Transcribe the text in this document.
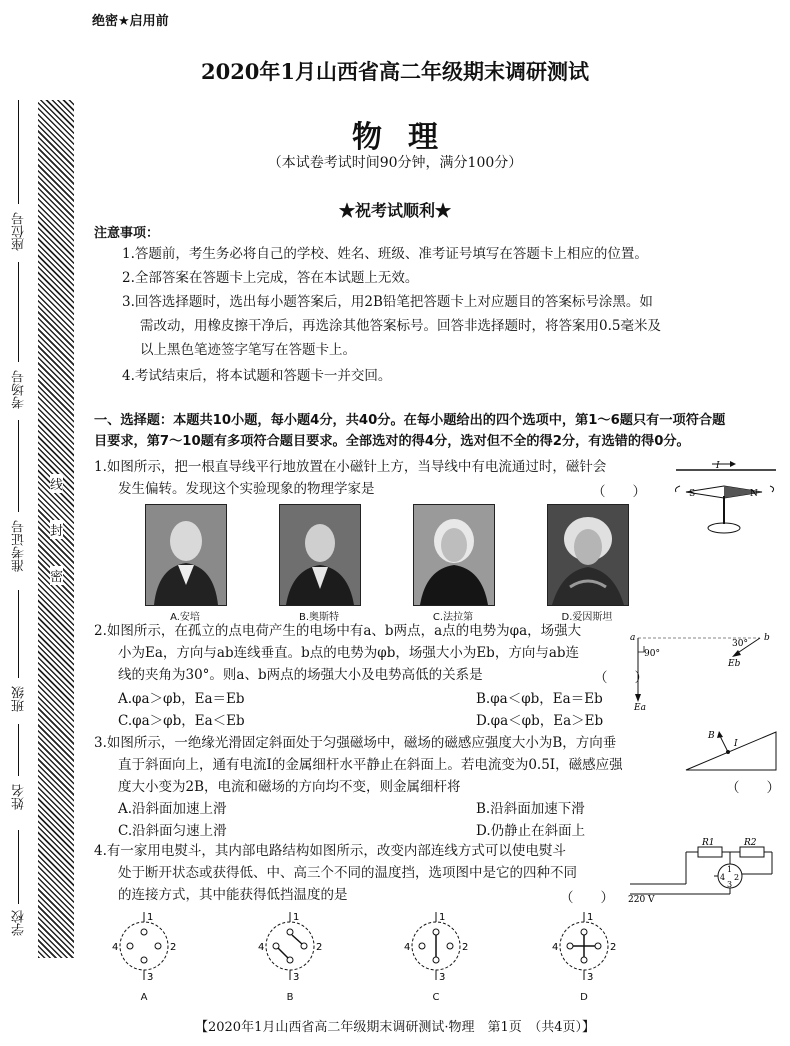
座位号
考场号
准考证号
班级
姓名
学校
线
封
密
绝密★启用前
2020年1月山西省高二年级期末调研测试
物理
（本试卷考试时间90分钟，满分100分）
★祝考试顺利★
注意事项：
1.答题前，考生务必将自己的学校、姓名、班级、准考证号填写在答题卡上相应的位置。
2.全部答案在答题卡上完成，答在本试题上无效。
3.回答选择题时，选出每小题答案后，用2B铅笔把答题卡上对应题目的答案标号涂黑。如
需改动，用橡皮擦干净后，再选涂其他答案标号。回答非选择题时，将答案用0.5毫米及
以上黑色笔迹签字笔写在答题卡上。
4.考试结束后，将本试题和答题卡一并交回。
一、选择题：本题共10小题，每小题4分，共40分。在每小题给出的四个选项中，第1～6题只有一项符合题
目要求，第7～10题有多项符合题目要求。全部选对的得4分，选对但不全的得2分，有选错的得0分。
1.如图所示，把一根直导线平行地放置在小磁针上方，当导线中有电流通过时，磁针会
发生偏转。发现这个实验现象的物理学家是	（　　）
I
S	N
A.安培	B.奥斯特	C.法拉第	D.爱因斯坦
2.如图所示，在孤立的点电荷产生的电场中有a、b两点，a点的电势为φa，场强大
小为Ea，方向与ab连线垂直。b点的电势为φb，场强大小为Eb，方向与ab连
线的夹角为30°。则a、b两点的场强大小及电势高低的关系是	（　　）
A.φa＞φb，Ea＝Eb	B.φa＜φb，Ea＝Eb
C.φa＞φb，Ea＜Eb	D.φa＜φb，Ea＞Eb
a	b
90°
30°
Ea
Eb
3.如图所示，一绝缘光滑固定斜面处于匀强磁场中，磁场的磁感应强度大小为B，方向垂
直于斜面向上，通有电流I的金属细杆水平静止在斜面上。若电流变为0.5I，磁感应强
度大小变为2B，电流和磁场的方向均不变，则金属细杆将
A.沿斜面加速上滑	B.沿斜面加速下滑
C.沿斜面匀速上滑	D.仍静止在斜面上
B
I
（　　）
4.有一家用电熨斗，其内部电路结构如图所示，改变内部连线方式可以使电熨斗
处于断开状态或获得低、中、高三个不同的温度挡，选项图中是它的四种不同
的连接方式，其中能获得低挡温度的是	（　　）
R1	R2
220 V
1
2
3
4
1
2
3
4
A
1
2
3
4
B
1
2
3
4
C
1
2
3
4
D
【2020年1月山西省高二年级期末调研测试·物理　第1页　（共4页）】
